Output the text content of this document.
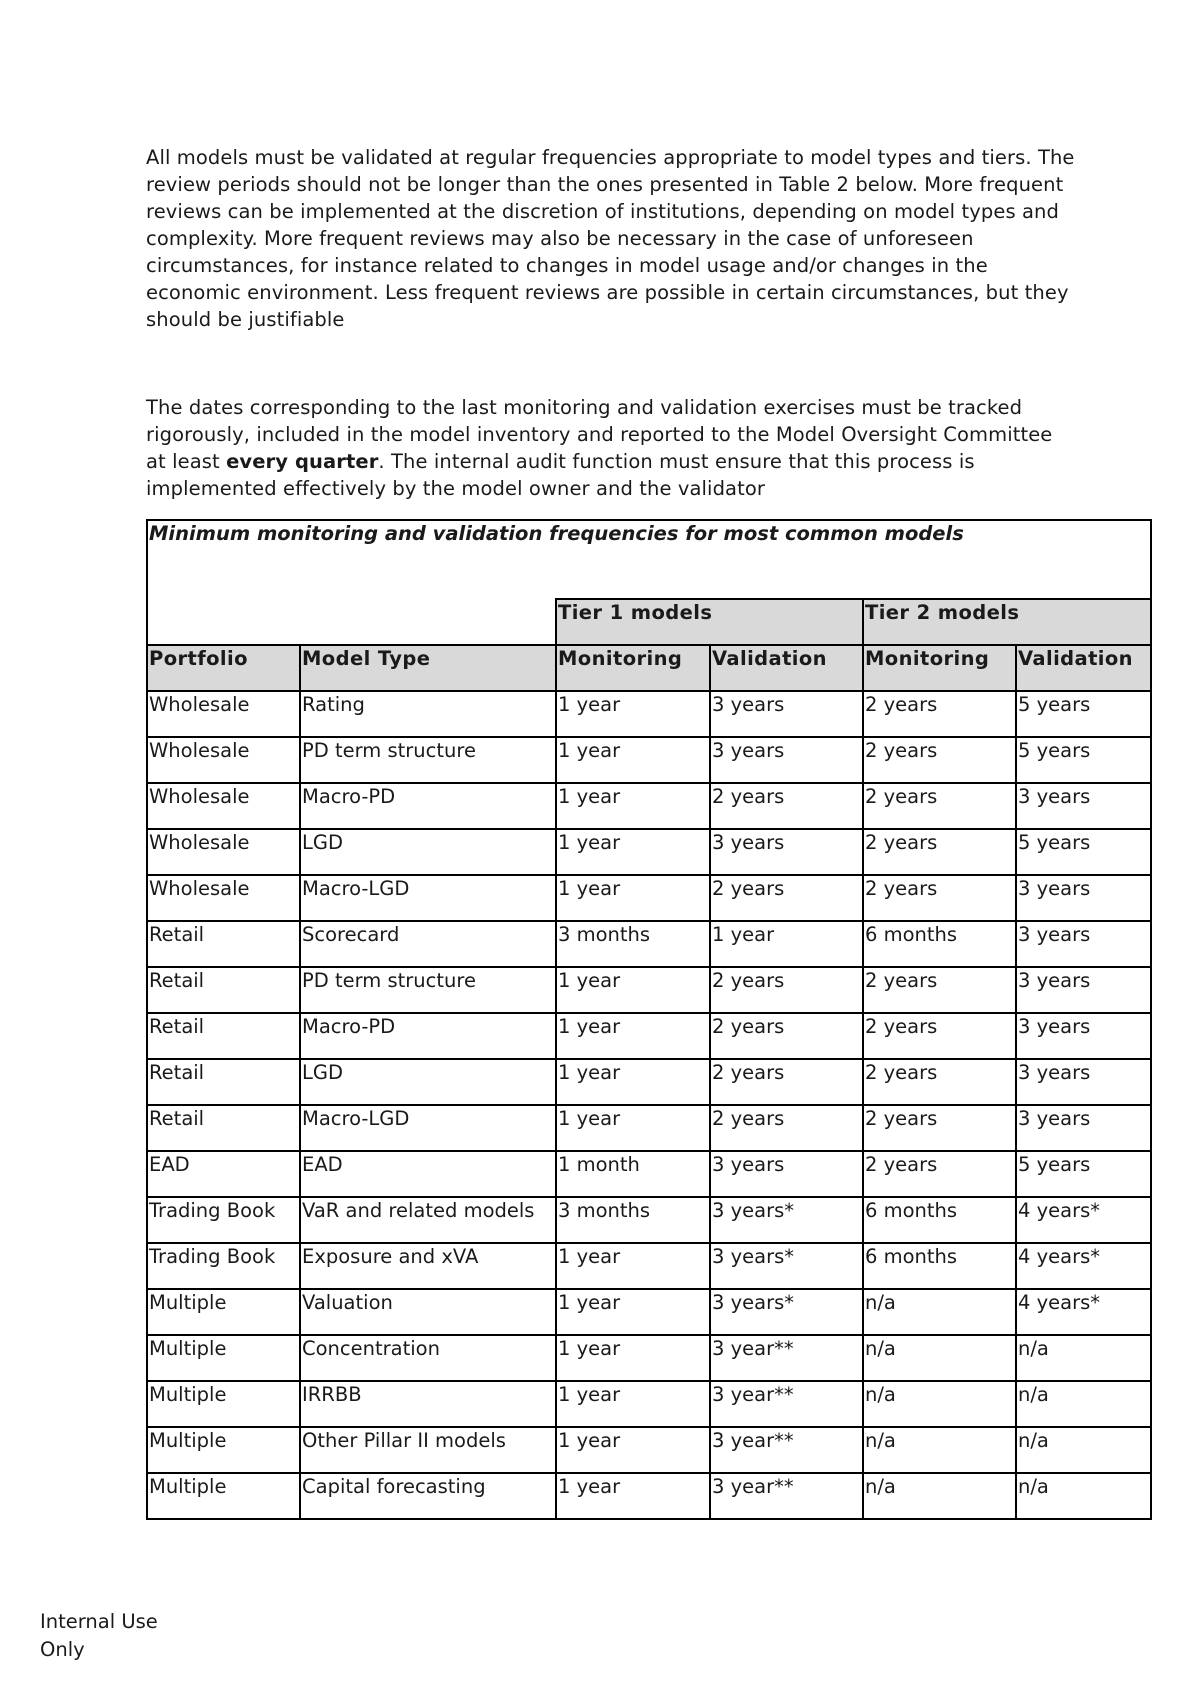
All models must be validated at regular frequencies appropriate to model types and tiers. The review periods should not be longer than the ones presented in Table 2 below. More frequent reviews can be implemented at the discretion of institutions, depending on model types and complexity. More frequent reviews may also be necessary in the case of unforeseen circumstances, for instance related to changes in model usage and/or changes in the economic environment. Less frequent reviews are possible in certain circumstances, but they should be justifiable

The dates corresponding to the last monitoring and validation exercises must be tracked rigorously, included in the model inventory and reported to the Model Oversight Committee at least every quarter. The internal audit function must ensure that this process is implemented effectively by the model owner and the validator

Minimum monitoring and validation frequencies for most common models					
		Tier 1 models		Tier 2 models	
Portfolio	Model Type	Monitoring	Validation	Monitoring	Validation
Wholesale	Rating	1 year	3 years	2 years	5 years
Wholesale	PD term structure	1 year	3 years	2 years	5 years
Wholesale	Macro-PD	1 year	2 years	2 years	3 years
Wholesale	LGD	1 year	3 years	2 years	5 years
Wholesale	Macro-LGD	1 year	2 years	2 years	3 years
Retail	Scorecard	3 months	1 year	6 months	3 years
Retail	PD term structure	1 year	2 years	2 years	3 years
Retail	Macro-PD	1 year	2 years	2 years	3 years
Retail	LGD	1 year	2 years	2 years	3 years
Retail	Macro-LGD	1 year	2 years	2 years	3 years
EAD	EAD	1 month	3 years	2 years	5 years
Trading Book	VaR and related models	3 months	3 years*	6 months	4 years*
Trading Book	Exposure and xVA	1 year	3 years*	6 months	4 years*
Multiple	Valuation	1 year	3 years*	n/a	4 years*
Multiple	Concentration	1 year	3 year**	n/a	n/a
Multiple	IRRBB	1 year	3 year**	n/a	n/a
Multiple	Other Pillar II models	1 year	3 year**	n/a	n/a
Multiple	Capital forecasting	1 year	3 year**	n/a	n/a
Internal Use
Only
